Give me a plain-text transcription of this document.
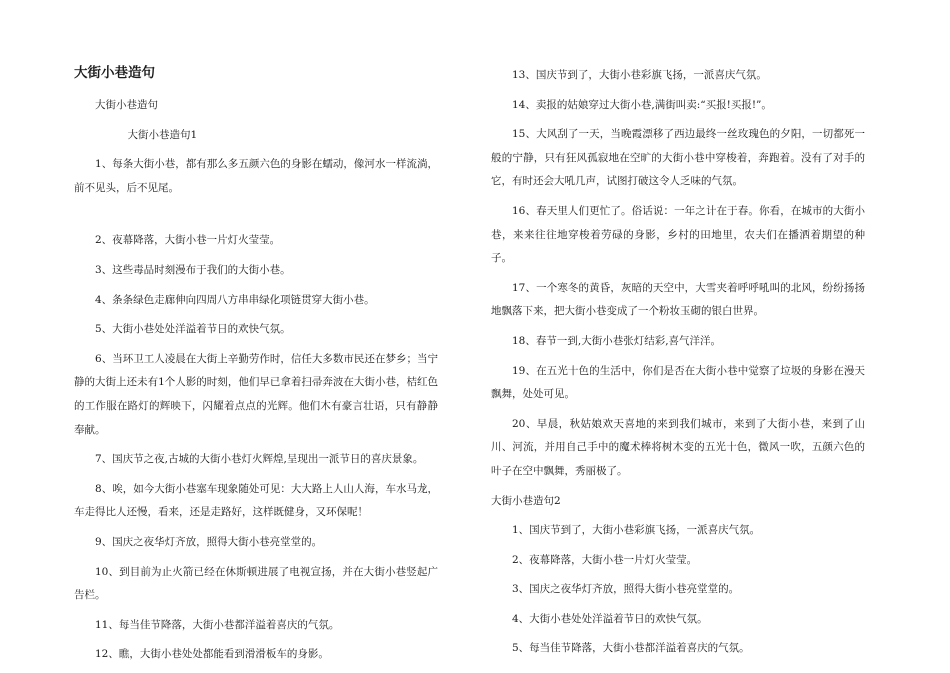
大街小巷造句

大街小巷造句

大街小巷造句1

1、每条大街小巷，都有那么多五颜六色的身影在蠕动，像河水一样流淌，前不见头，后不见尾。

2、夜幕降落，大街小巷一片灯火莹莹。

3、这些毒品时刻漫布于我们的大街小巷。

4、条条绿色走廊伸向四周八方串串绿化项链贯穿大街小巷。

5、大街小巷处处洋溢着节日的欢快气氛。

6、当环卫工人凌晨在大街上辛勤劳作时，信任大多数市民还在梦乡；当宁静的大街上还未有1个人影的时刻，他们早已拿着扫帚奔波在大街小巷，桔红色的工作服在路灯的辉映下，闪耀着点点的光辉。他们木有豪言壮语，只有静静奉献。

7、国庆节之夜,古城的大街小巷灯火辉煌,呈现出一派节日的喜庆景象。

8、唉，如今大街小巷塞车现象随处可见：大大路上人山人海，车水马龙，车走得比人还慢，看来，还是走路好，这样既健身，又环保呢！

9、国庆之夜华灯齐放，照得大街小巷亮堂堂的。

10、到目前为止火箭已经在休斯顿进展了电视宣扬，并在大街小巷竖起广告栏。

11、每当佳节降落，大街小巷都洋溢着喜庆的气氛。

12、瞧，大街小巷处处都能看到滑滑板车的身影。

13、国庆节到了，大街小巷彩旗飞扬，一派喜庆气氛。

14、卖报的姑娘穿过大街小巷,满街叫卖:“买报!买报!”。

15、大风刮了一天，当晚霞漂移了西边最终一丝玫瑰色的夕阳，一切都死一般的宁静，只有狂风孤寂地在空旷的大街小巷中穿梭着，奔跑着。没有了对手的它，有时还会大吼几声，试图打破这令人乏味的气氛。

16、春天里人们更忙了。俗话说：一年之计在于春。你看，在城市的大街小巷，来来往往地穿梭着劳碌的身影，乡村的田地里，农夫们在播洒着期望的种子。

17、一个寒冬的黄昏，灰暗的天空中，大雪夹着呼呼吼叫的北风，纷纷扬扬地飘落下来，把大街小巷变成了一个粉妆玉砌的银白世界。

18、春节一到,大街小巷张灯结彩,喜气洋洋。

19、在五光十色的生活中，你们是否在大街小巷中觉察了垃圾的身影在漫天飘舞，处处可见。

20、早晨，秋姑娘欢天喜地的来到我们城市，来到了大街小巷，来到了山川、河流，并用自己手中的魔术棒将树木变的五光十色，微风一吹，五颜六色的叶子在空中飘舞，秀丽极了。

大街小巷造句2

1、国庆节到了，大街小巷彩旗飞扬，一派喜庆气氛。

2、夜幕降落，大街小巷一片灯火莹莹。

3、国庆之夜华灯齐放，照得大街小巷亮堂堂的。

4、大街小巷处处洋溢着节日的欢快气氛。

5、每当佳节降落，大街小巷都洋溢着喜庆的气氛。
